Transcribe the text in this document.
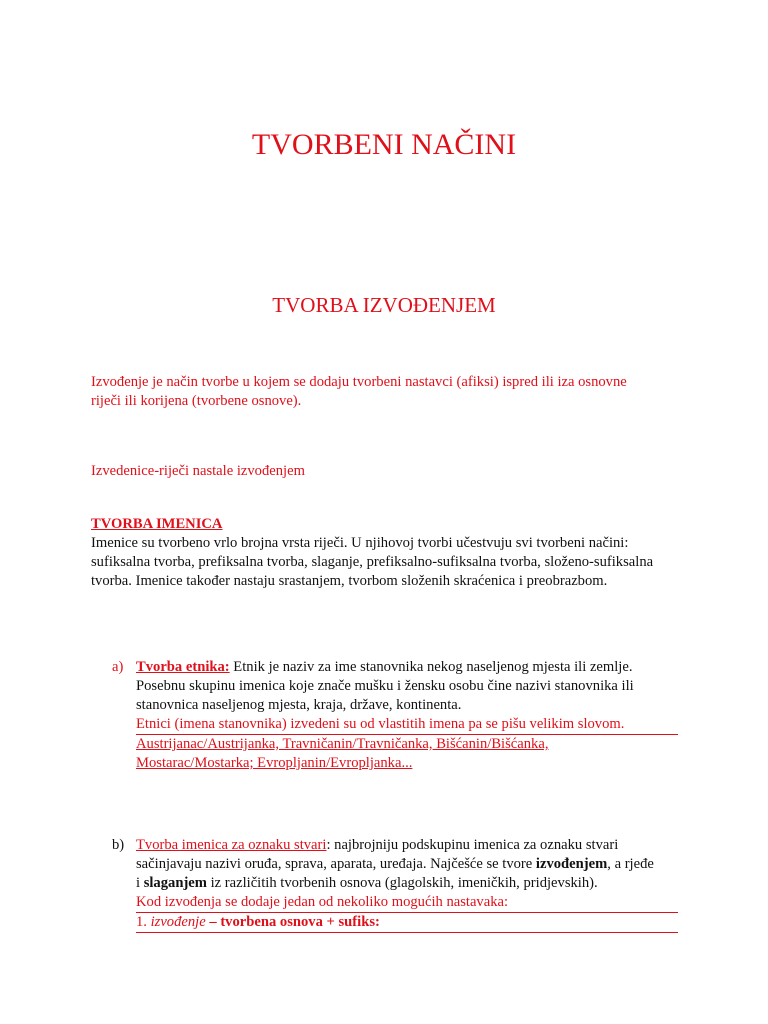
TVORBENI NAČINI
TVORBA IZVOĐENJEM
Izvođenje je način tvorbe u kojem se dodaju tvorbeni nastavci (afiksi) ispred ili iza osnovne
riječi ili korijena (tvorbene osnove).
Izvedenice-riječi nastale izvođenjem
TVORBA IMENICA
Imenice su tvorbeno vrlo brojna vrsta riječi. U njihovoj tvorbi učestvuju svi tvorbeni načini:
sufiksalna tvorba, prefiksalna tvorba, slaganje, prefiksalno-sufiksalna tvorba, složeno-sufiksalna
tvorba. Imenice također nastaju srastanjem, tvorbom složenih skraćenica i preobrazbom.
a) Tvorba etnika: Etnik je naziv za ime stanovnika nekog naseljenog mjesta ili zemlje.
Posebnu skupinu imenica koje znače mušku i žensku osobu čine nazivi stanovnika ili
stanovnica naseljenog mjesta, kraja, države, kontinenta.
Etnici (imena stanovnika) izvedeni su od vlastitih imena pa se pišu velikim slovom.
Austrijanac/Austrijanka, Travničanin/Travničanka, Bišćanin/Bišćanka,
Mostarac/Mostarka; Evropljanin/Evropljanka...
b) Tvorba imenica za oznaku stvari: najbrojniju podskupinu imenica za oznaku stvari
sačinjavaju nazivi oruđa, sprava, aparata, uređaja. Najčešće se tvore izvođenjem, a rjeđe
i slaganjem iz različitih tvorbenih osnova (glagolskih, imeničkih, pridjevskih).
Kod izvođenja se dodaje jedan od nekoliko mogućih nastavaka:
1. izvođenje – tvorbena osnova + sufiks:
